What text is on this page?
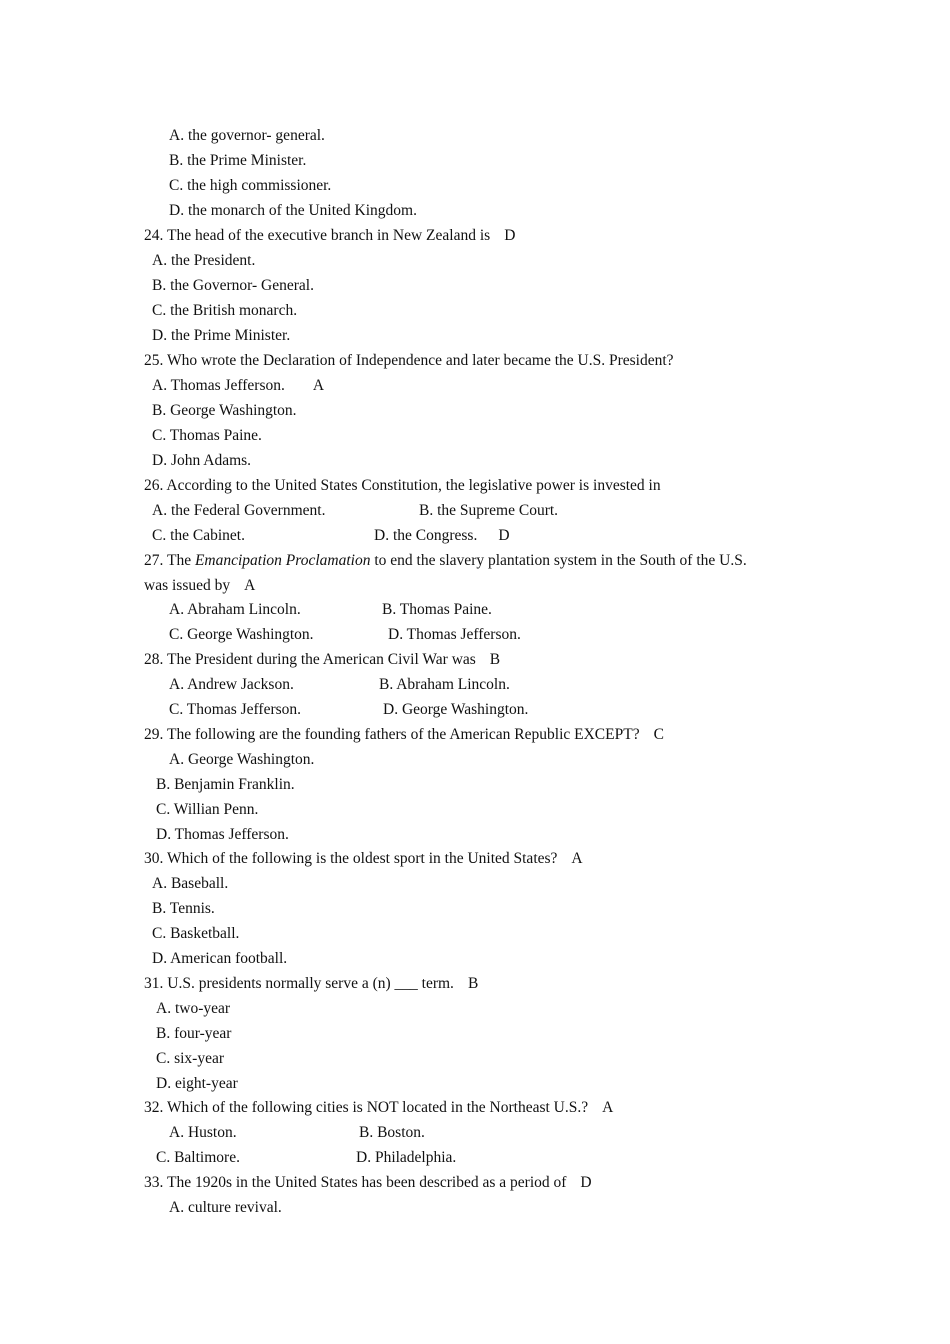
A. the governor- general.
B. the Prime Minister.
C. the high commissioner.
D. the monarch of the United Kingdom.
24. The head of the executive branch in New Zealand is D
A. the President.
B. the Governor- General.
C. the British monarch.
D. the Prime Minister.
25. Who wrote the Declaration of Independence and later became the U.S. President?
A. Thomas Jefferson. A
B. George Washington.
C. Thomas Paine.
D. John Adams.
26. According to the United States Constitution, the legislative power is invested in
A. the Federal Government.	B. the Supreme Court.
C. the Cabinet.	D. the Congress. D
27. The Emancipation Proclamation to end the slavery plantation system in the South of the U.S.
was issued by A
A. Abraham Lincoln.	B. Thomas Paine.
C. George Washington.	D. Thomas Jefferson.
28. The President during the American Civil War was B
A. Andrew Jackson.	B. Abraham Lincoln.
C. Thomas Jefferson.	D. George Washington.
29. The following are the founding fathers of the American Republic EXCEPT? C
A. George Washington.
B. Benjamin Franklin.
C. Willian Penn.
D. Thomas Jefferson.
30. Which of the following is the oldest sport in the United States? A
A. Baseball.
B. Tennis.
C. Basketball.
D. American football.
31. U.S. presidents normally serve a (n) ___ term. B
A. two-year
B. four-year
C. six-year
D. eight-year
32. Which of the following cities is NOT located in the Northeast U.S.? A
A. Huston.	B. Boston.
C. Baltimore.	D. Philadelphia.
33. The 1920s in the United States has been described as a period of D
A. culture revival.
